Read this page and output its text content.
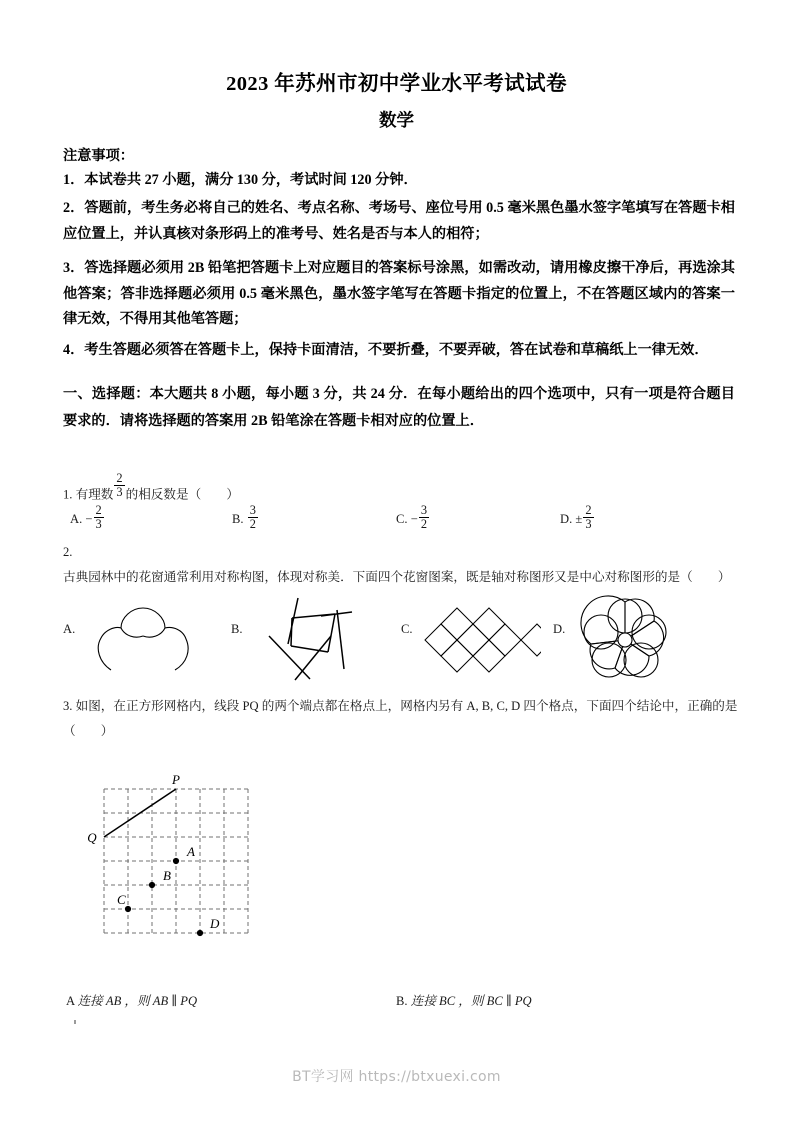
2023 年苏州市初中学业水平考试试卷
数学
注意事项：
1．本试卷共 27 小题，满分 130 分，考试时间 120 分钟．
2．答题前，考生务必将自己的姓名、考点名称、考场号、座位号用 0.5 毫米黑色墨水签字笔填写在答题卡相应位置上，并认真核对条形码上的准考号、姓名是否与本人的相符；
3．答选择题必须用 2B 铅笔把答题卡上对应题目的答案标号涂黑，如需改动，请用橡皮擦干净后，再选涂其他答案；答非选择题必须用 0.5 毫米黑色，墨水签字笔写在答题卡指定的位置上，不在答题区域内的答案一律无效，不得用其他笔答题；
4．考生答题必须答在答题卡上，保持卡面清洁，不要折叠，不要弄破，答在试卷和草稿纸上一律无效．
一、选择题：本大题共 8 小题，每小题 3 分，共 24 分．在每小题给出的四个选项中，只有一项是符合题目要求的．请将选择题的答案用 2B 铅笔涂在答题卡相对应的位置上．
1. 有理数 $\frac{2}{3}$ 的相反数是（　　）
A. − $\frac{2}{3}$	B. $\frac{3}{2}$	C. − $\frac{3}{2}$	D. ± $\frac{2}{3}$
2. 古典园林中的花窗通常利用对称构图，体现对称美．下面四个花窗图案，既是轴对称图形又是中心对称图形的是（　　）
A.	B.	C.	D.
3. 如图，在正方形网格内，线段 PQ 的两个端点都在格点上，网格内另有 A, B, C, D 四个格点，下面四个结论中，正确的是（　　）
P
Q
A
B
C
D
A 连接 AB ，则 AB ∥ PQ	B. 连接 BC ，则 BC ∥ PQ
BT学习网 https://btxuexi.com
